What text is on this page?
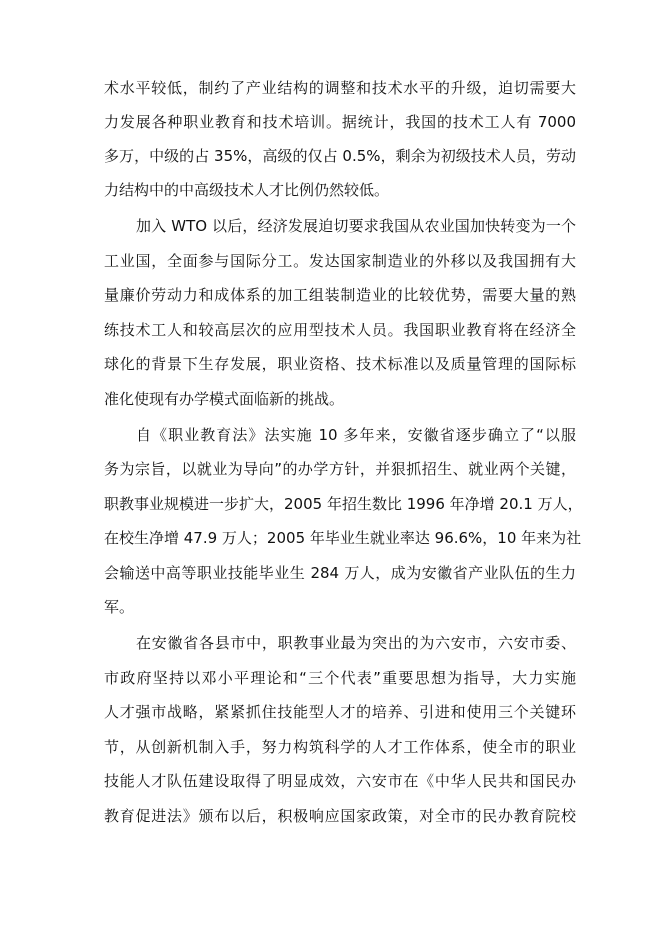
术水平较低，制约了产业结构的调整和技术水平的升级，迫切需要大
力发展各种职业教育和技术培训。据统计，我国的技术工人有 7000
多万，中级的占 35%，高级的仅占 0.5%，剩余为初级技术人员，劳动
力结构中的中高级技术人才比例仍然较低。
加入 WTO 以后，经济发展迫切要求我国从农业国加快转变为一个
工业国，全面参与国际分工。发达国家制造业的外移以及我国拥有大
量廉价劳动力和成体系的加工组装制造业的比较优势，需要大量的熟
练技术工人和较高层次的应用型技术人员。我国职业教育将在经济全
球化的背景下生存发展，职业资格、技术标准以及质量管理的国际标
准化使现有办学模式面临新的挑战。
自《职业教育法》法实施 10 多年来，安徽省逐步确立了“以服
务为宗旨，以就业为导向”的办学方针，并狠抓招生、就业两个关键，
职教事业规模进一步扩大，2005 年招生数比 1996 年净增 20.1 万人，
在校生净增 47.9 万人；2005 年毕业生就业率达 96.6%，10 年来为社
会输送中高等职业技能毕业生 284 万人，成为安徽省产业队伍的生力
军。
在安徽省各县市中，职教事业最为突出的为六安市，六安市委、
市政府坚持以邓小平理论和“三个代表”重要思想为指导，大力实施
人才强市战略，紧紧抓住技能型人才的培养、引进和使用三个关键环
节，从创新机制入手，努力构筑科学的人才工作体系，使全市的职业
技能人才队伍建设取得了明显成效，六安市在《中华人民共和国民办
教育促进法》颁布以后，积极响应国家政策，对全市的民办教育院校
